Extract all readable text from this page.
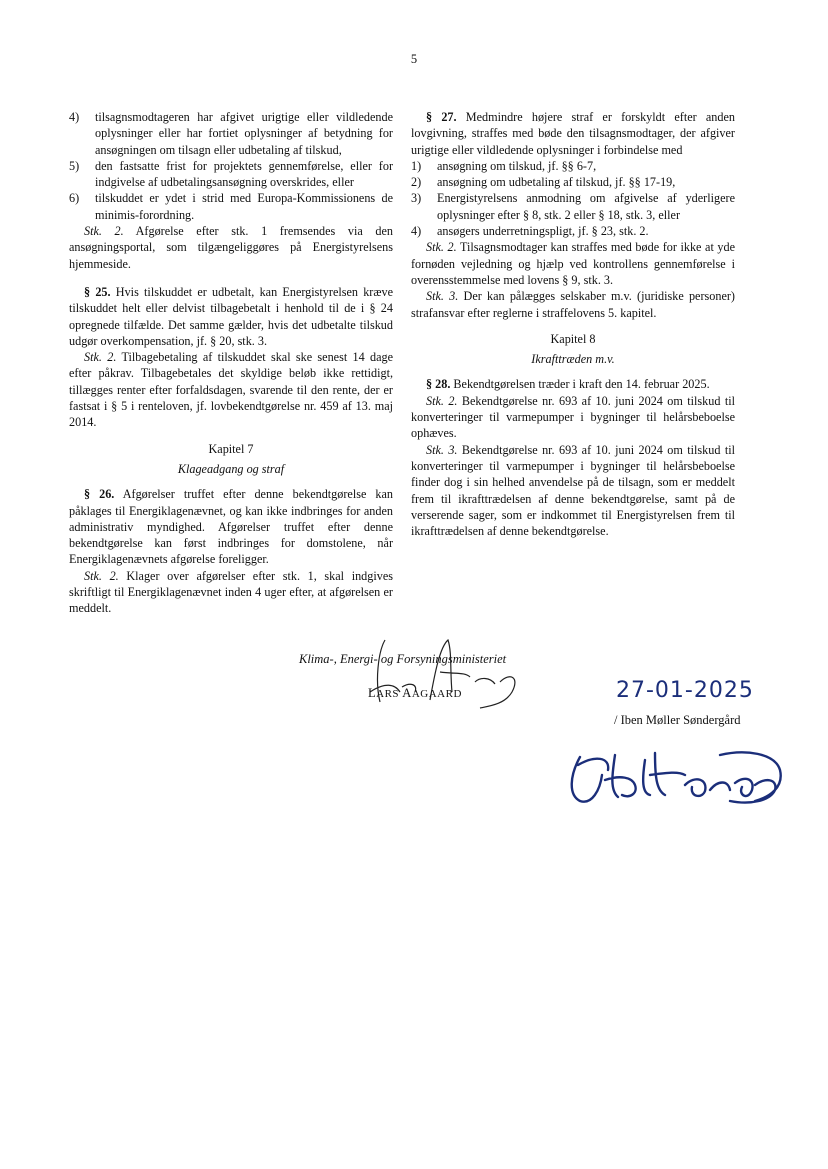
5
4)	tilsagnsmodtageren har afgivet urigtige eller vildledende oplysninger eller har fortiet oplysninger af betydning for ansøgningen om tilsagn eller udbetaling af tilskud,
5)	den fastsatte frist for projektets gennemførelse, eller for indgivelse af udbetalingsansøgning overskrides, eller
6)	tilskuddet er ydet i strid med Europa-Kommissionens de minimis-forordning.

Stk. 2. Afgørelse efter stk. 1 fremsendes via den ansøgningsportal, som tilgængeliggøres på Energistyrelsens hjemmeside.

§ 25. Hvis tilskuddet er udbetalt, kan Energistyrelsen kræve tilskuddet helt eller delvist tilbagebetalt i henhold til de i § 24 opregnede tilfælde. Det samme gælder, hvis det udbetalte tilskud udgør overkompensation, jf. § 20, stk. 3.

Stk. 2. Tilbagebetaling af tilskuddet skal ske senest 14 dage efter påkrav. Tilbagebetales det skyldige beløb ikke rettidigt, tillægges renter efter forfaldsdagen, svarende til den rente, der er fastsat i § 5 i renteloven, jf. lovbekendtgørelse nr. 459 af 13. maj 2014.

Kapitel 7
Klageadgang og straf

§ 26. Afgørelser truffet efter denne bekendtgørelse kan påklages til Energiklagenævnet, og kan ikke indbringes for anden administrativ myndighed. Afgørelser truffet efter denne bekendtgørelse kan først indbringes for domstolene, når Energiklagenævnets afgørelse foreligger.

Stk. 2. Klager over afgørelser efter stk. 1, skal indgives skriftligt til Energiklagenævnet inden 4 uger efter, at afgørelsen er meddelt.

§ 27. Medmindre højere straf er forskyldt efter anden lovgivning, straffes med bøde den tilsagnsmodtager, der afgiver urigtige eller vildledende oplysninger i forbindelse med

1)	ansøgning om tilskud, jf. §§ 6-7,
2)	ansøgning om udbetaling af tilskud, jf. §§ 17-19,
3)	Energistyrelsens anmodning om afgivelse af yderligere oplysninger efter § 8, stk. 2 eller § 18, stk. 3, eller
4)	ansøgers underretningspligt, jf. § 23, stk. 2.

Stk. 2. Tilsagnsmodtager kan straffes med bøde for ikke at yde fornøden vejledning og hjælp ved kontrollens gennemførelse i overensstemmelse med lovens § 9, stk. 3.

Stk. 3. Der kan pålægges selskaber m.v. (juridiske personer) strafansvar efter reglerne i straffelovens 5. kapitel.

Kapitel 8
Ikrafttræden m.v.

§ 28. Bekendtgørelsen træder i kraft den 14. februar 2025.

Stk. 2. Bekendtgørelse nr. 693 af 10. juni 2024 om tilskud til konverteringer til varmepumper i bygninger til helårsbeboelse ophæves.

Stk. 3. Bekendtgørelse nr. 693 af 10. juni 2024 om tilskud til konverteringer til varmepumper i bygninger til helårsbeboelse finder dog i sin helhed anvendelse på de tilsagn, som er meddelt frem til ikrafttrædelsen af denne bekendtgørelse, samt på de verserende sager, som er indkommet til Energistyrelsen frem til ikrafttrædelsen af denne bekendtgørelse.

Klima-, Energi- og Forsyningsministeriet
LARS AAGAARD	27-01-2025
/ Iben Møller Søndergård
